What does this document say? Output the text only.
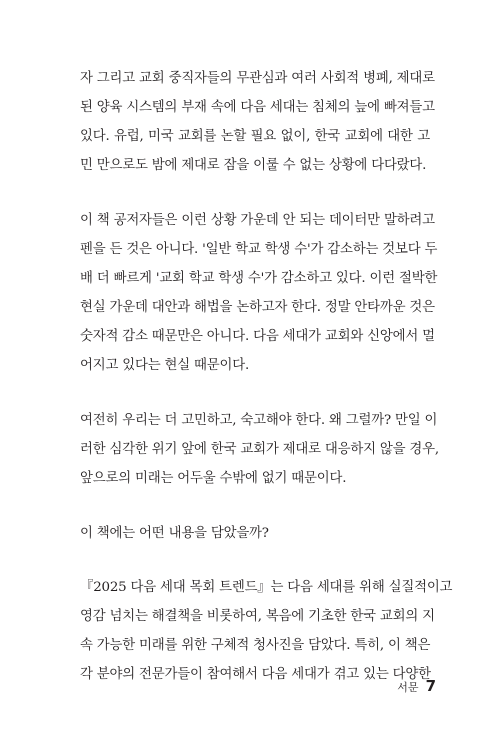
자 그리고 교회 중직자들의 무관심과 여러 사회적 병폐, 제대로
된 양육 시스템의 부재 속에 다음 세대는 침체의 늪에 빠져들고
있다. 유럽, 미국 교회를 논할 필요 없이, 한국 교회에 대한 고
민 만으로도 밤에 제대로 잠을 이룰 수 없는 상황에 다다랐다.
이 책 공저자들은 이런 상황 가운데 안 되는 데이터만 말하려고
펜을 든 것은 아니다. '일반 학교 학생 수'가 감소하는 것보다 두
배 더 빠르게 '교회 학교 학생 수'가 감소하고 있다. 이런 절박한
현실 가운데 대안과 해법을 논하고자 한다. 정말 안타까운 것은
숫자적 감소 때문만은 아니다. 다음 세대가 교회와 신앙에서 멀
어지고 있다는 현실 때문이다.
여전히 우리는 더 고민하고, 숙고해야 한다. 왜 그럴까? 만일 이
러한 심각한 위기 앞에 한국 교회가 제대로 대응하지 않을 경우,
앞으로의 미래는 어두울 수밖에 없기 때문이다.
이 책에는 어떤 내용을 담았을까?
『2025 다음 세대 목회 트렌드』는 다음 세대를 위해 실질적이고
영감 넘치는 해결책을 비롯하여, 복음에 기초한 한국 교회의 지
속 가능한 미래를 위한 구체적 청사진을 담았다. 특히, 이 책은
각 분야의 전문가들이 참여해서 다음 세대가 겪고 있는 다양한
서문 7
